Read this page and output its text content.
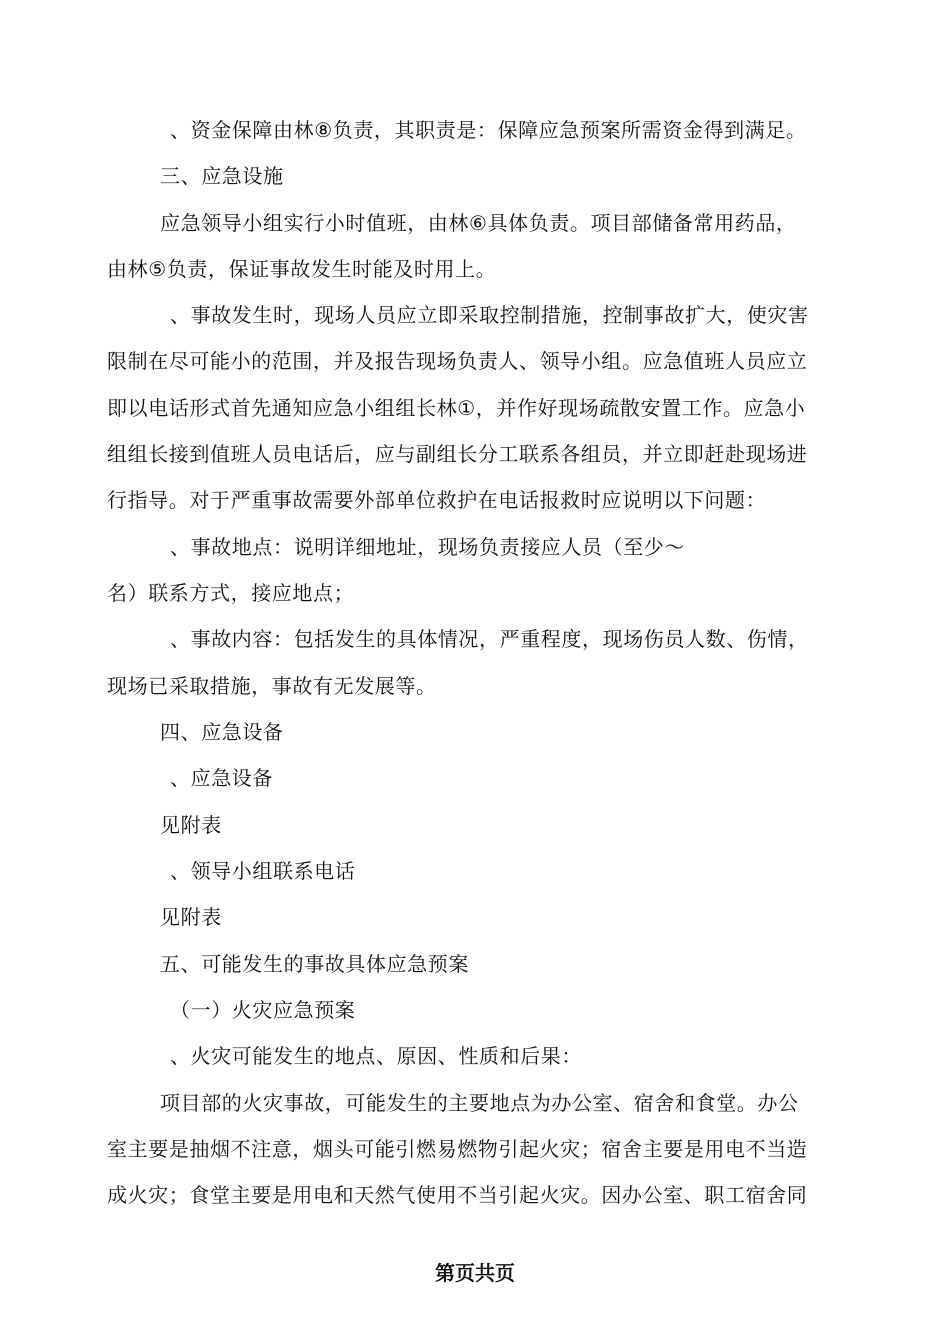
、资金保障由林⑧负责，其职责是：保障应急预案所需资金得到满足。
三、应急设施
应急领导小组实行小时值班，由林⑥具体负责。项目部储备常用药品，
由林⑤负责，保证事故发生时能及时用上。
、事故发生时，现场人员应立即采取控制措施，控制事故扩大，使灾害
限制在尽可能小的范围，并及报告现场负责人、领导小组。应急值班人员应立
即以电话形式首先通知应急小组组长林①，并作好现场疏散安置工作。应急小
组组长接到值班人员电话后，应与副组长分工联系各组员，并立即赶赴现场进
行指导。对于严重事故需要外部单位救护在电话报救时应说明以下问题：
、事故地点：说明详细地址，现场负责接应人员（至少～
名）联系方式，接应地点；
、事故内容：包括发生的具体情况，严重程度，现场伤员人数、伤情，
现场已采取措施，事故有无发展等。
四、应急设备
、应急设备
见附表
、领导小组联系电话
见附表
五、可能发生的事故具体应急预案
（一）火灾应急预案
、火灾可能发生的地点、原因、性质和后果：
项目部的火灾事故，可能发生的主要地点为办公室、宿舍和食堂。办公
室主要是抽烟不注意，烟头可能引燃易燃物引起火灾；宿舍主要是用电不当造
成火灾；食堂主要是用电和天然气使用不当引起火灾。因办公室、职工宿舍同
第页共页
